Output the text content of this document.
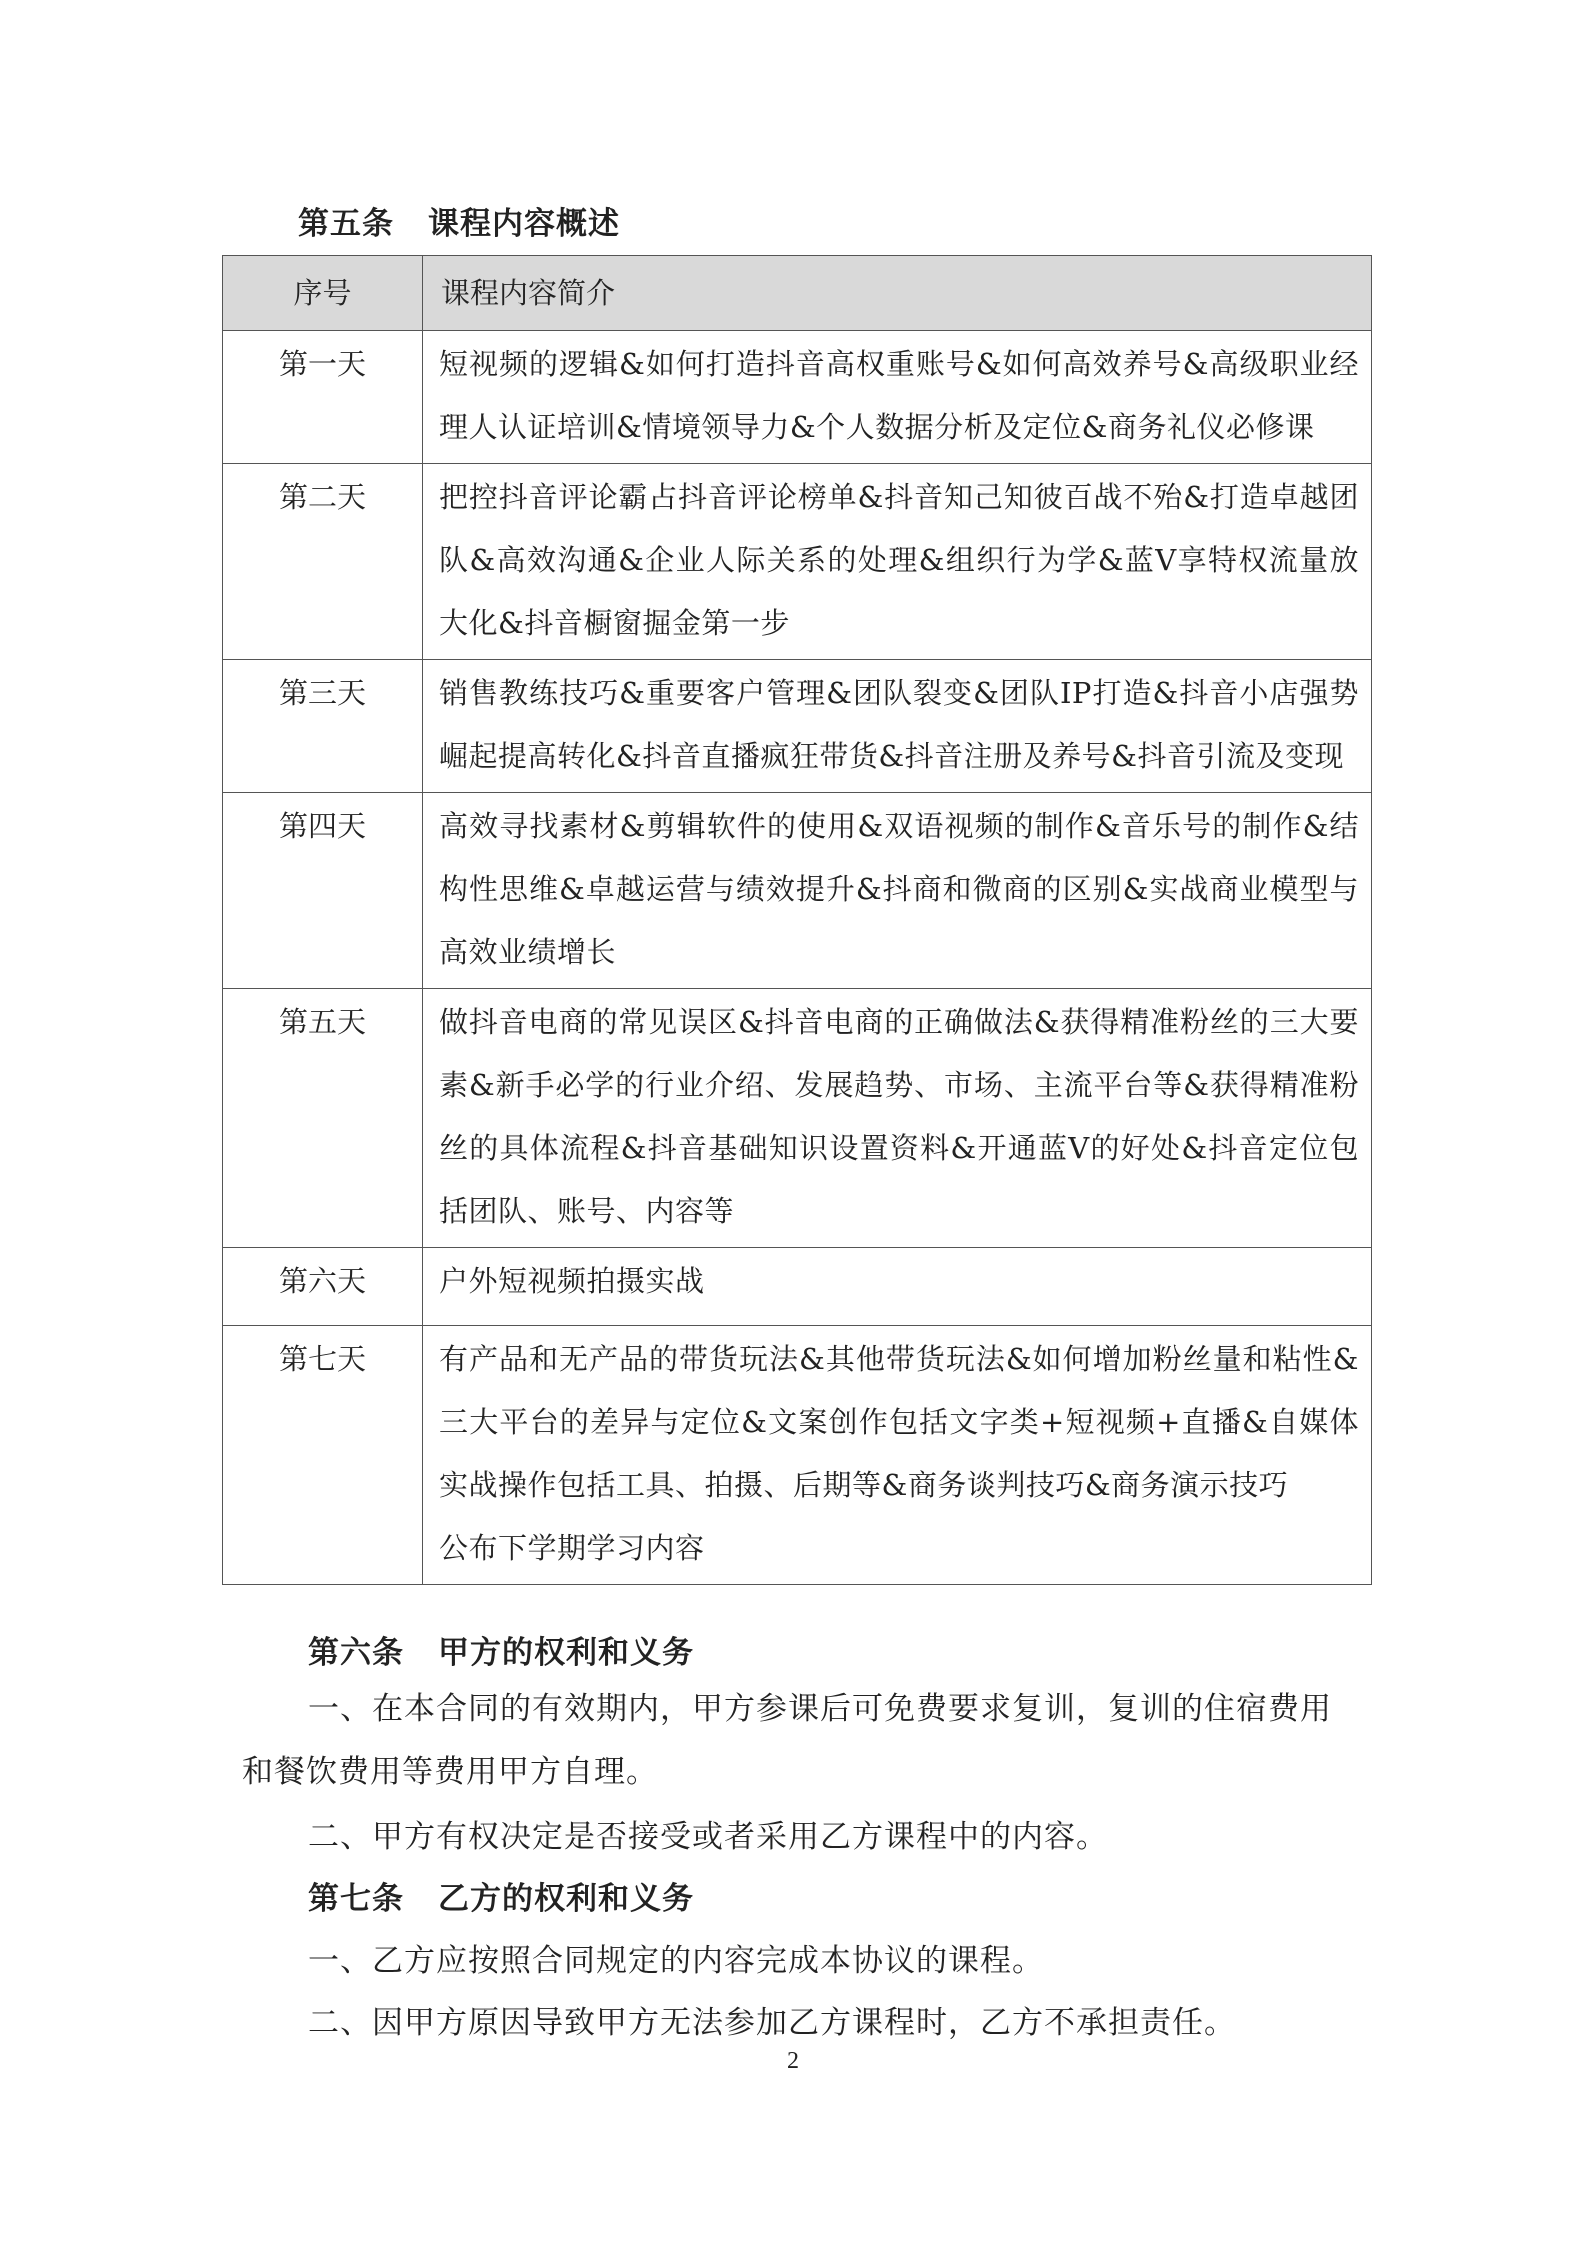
第五条 课程内容概述
序号	课程内容简介
第一天	短视频的逻辑&如何打造抖音高权重账号&如何高效养号&高级职业经理人认证培训&情境领导力&个人数据分析及定位&商务礼仪必修课
第二天	把控抖音评论霸占抖音评论榜单&抖音知己知彼百战不殆&打造卓越团队&高效沟通&企业人际关系的处理&组织行为学&蓝V享特权流量放大化&抖音橱窗掘金第一步
第三天	销售教练技巧&重要客户管理&团队裂变&团队IP打造&抖音小店强势崛起提高转化&抖音直播疯狂带货&抖音注册及养号&抖音引流及变现
第四天	高效寻找素材&剪辑软件的使用&双语视频的制作&音乐号的制作&结构性思维&卓越运营与绩效提升&抖商和微商的区别&实战商业模型与高效业绩增长
第五天	做抖音电商的常见误区&抖音电商的正确做法&获得精准粉丝的三大要素&新手必学的行业介绍、发展趋势、市场、主流平台等&获得精准粉丝的具体流程&抖音基础知识设置资料&开通蓝V的好处&抖音定位包括团队、账号、内容等
第六天	户外短视频拍摄实战
第七天	有产品和无产品的带货玩法&其他带货玩法&如何增加粉丝量和粘性&三大平台的差异与定位&文案创作包括文字类+短视频+直播&自媒体实战操作包括工具、拍摄、后期等&商务谈判技巧&商务演示技巧
公布下学期学习内容
第六条 甲方的权利和义务

一、在本合同的有效期内，甲方参课后可免费要求复训，复训的住宿费用和餐饮费用等费用甲方自理。

二、甲方有权决定是否接受或者采用乙方课程中的内容。

第七条 乙方的权利和义务

一、乙方应按照合同规定的内容完成本协议的课程。

二、因甲方原因导致甲方无法参加乙方课程时，乙方不承担责任。

2
